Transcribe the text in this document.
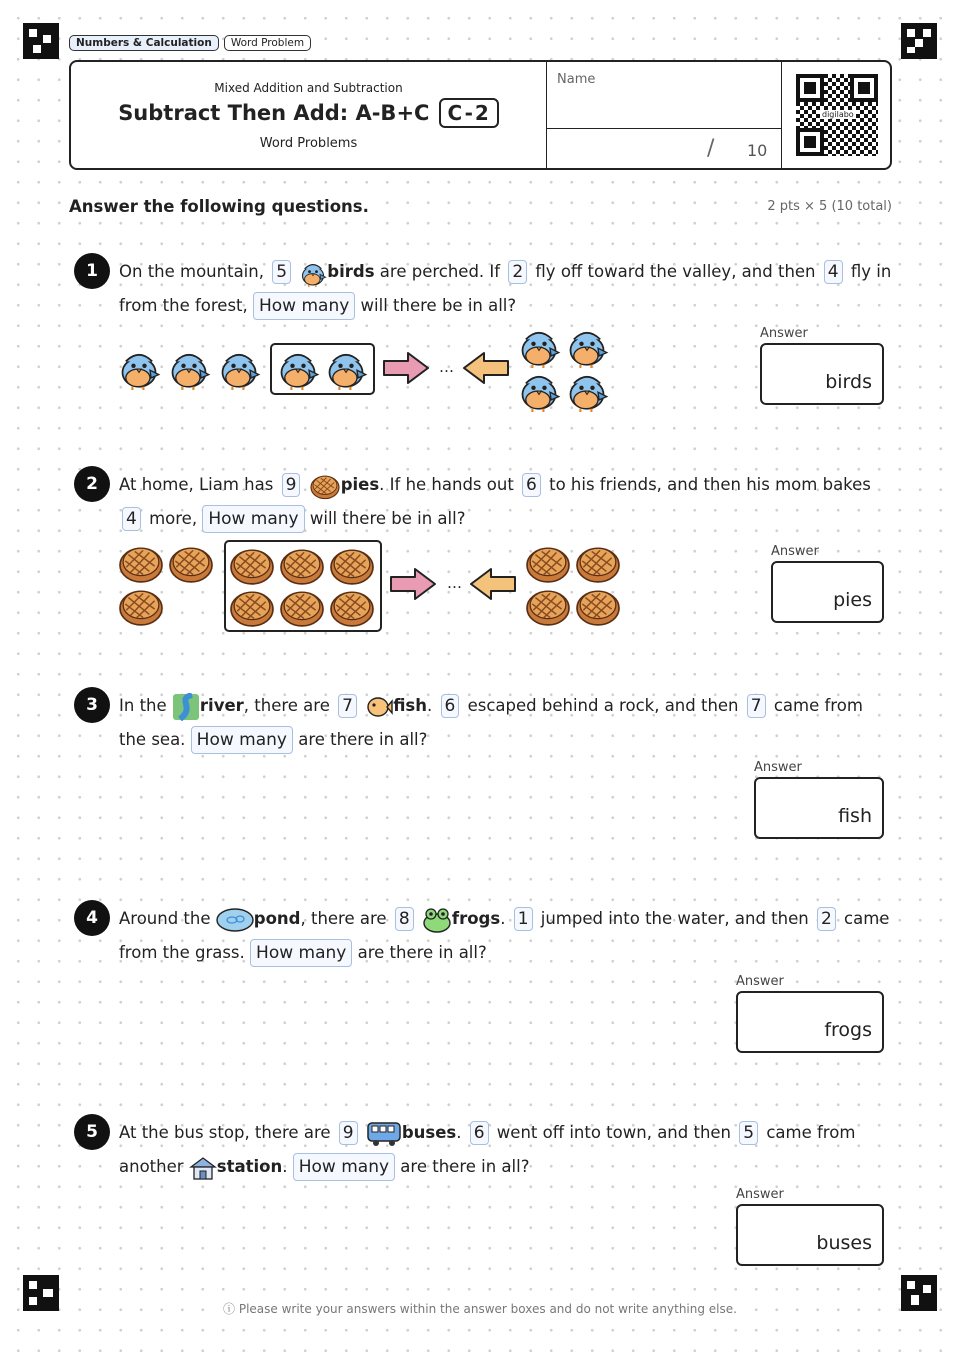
Numbers & Calculation	Word Problem
Mixed Addition and Subtraction
Subtract Then Add: A-B+C C-2
Word Problems
Name
/ 10
digilabo
Answer the following questions.	2 pts × 5 (10 total)
1	On the mountain, 5 birds are perched. If 2 fly off toward the valley, and then 4 fly in from the forest, How many will there be in all?
…
Answer
birds
2	At home, Liam has 9	pies. If he hands out 6 to his friends, and then his mom bakes 4 more, How many will there be in all?
…
Answer
pies
3	In the river, there are 7 fish. 6 escaped behind a rock, and then 7 came from the sea. How many are there in all?
Answer
fish
4	Around the pond, there are 8	frogs. 1 jumped into the water, and then 2 came from the grass. How many are there in all?
Answer
frogs
5	At the bus stop, there are 9	buses. 6 went off into town, and then 5 came from another station. How many are there in all?
Answer
buses
ⓘ Please write your answers within the answer boxes and do not write anything else.
